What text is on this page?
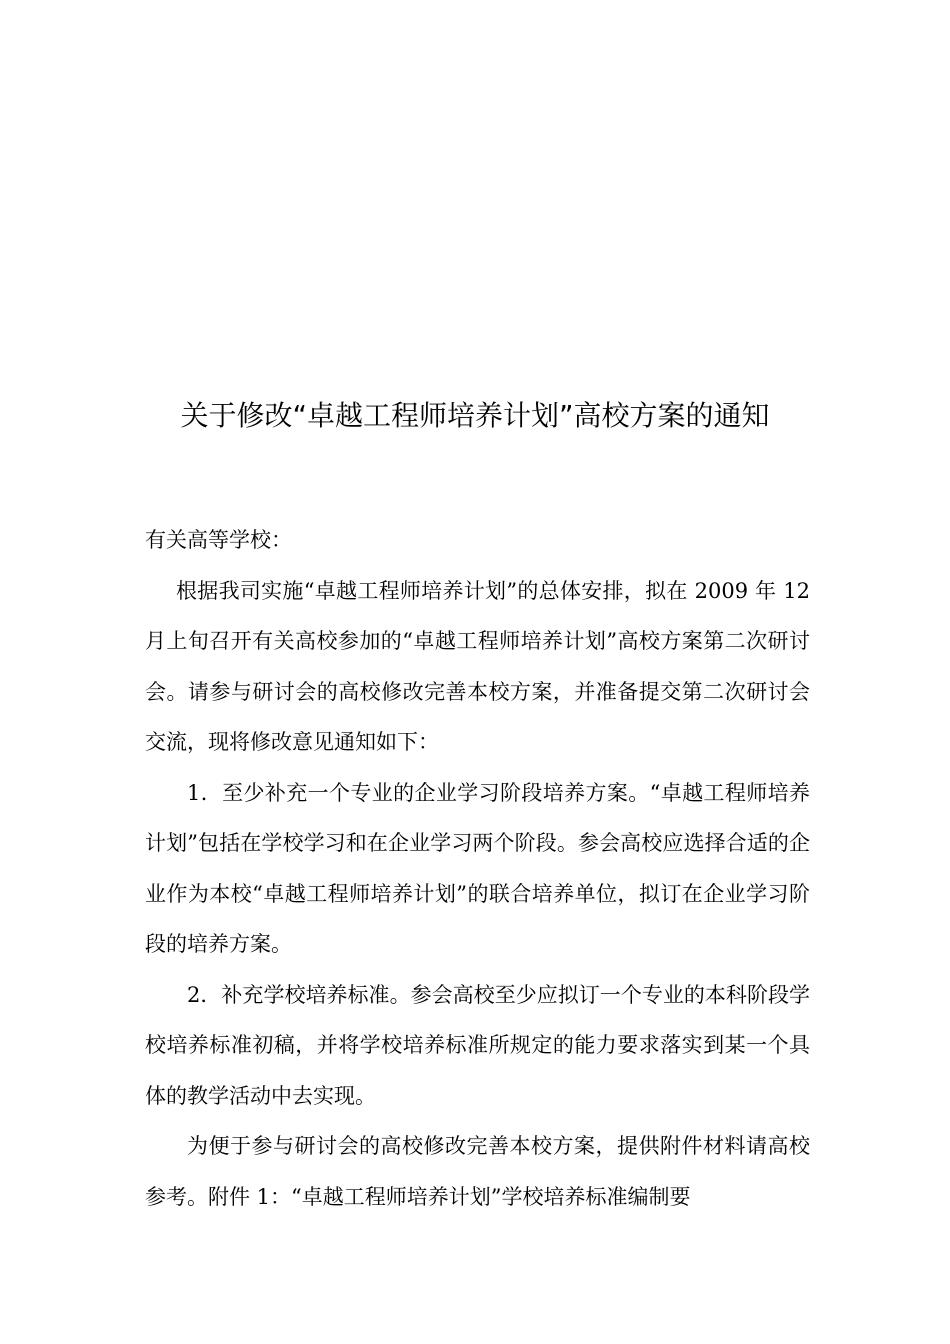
关于修改“卓越工程师培养计划”高校方案的通知

有关高等学校：

根据我司实施“卓越工程师培养计划”的总体安排，拟在 2009 年 12 月上旬召开有关高校参加的“卓越工程师培养计划”高校方案第二次研讨会。请参与研讨会的高校修改完善本校方案，并准备提交第二次研讨会交流，现将修改意见通知如下：

1．至少补充一个专业的企业学习阶段培养方案。“卓越工程师培养计划”包括在学校学习和在企业学习两个阶段。参会高校应选择合适的企业作为本校“卓越工程师培养计划”的联合培养单位，拟订在企业学习阶段的培养方案。

2．补充学校培养标准。参会高校至少应拟订一个专业的本科阶段学校培养标准初稿，并将学校培养标准所规定的能力要求落实到某一个具体的教学活动中去实现。

为便于参与研讨会的高校修改完善本校方案，提供附件材料请高校参考。附件 1：“卓越工程师培养计划”学校培养标准编制要
